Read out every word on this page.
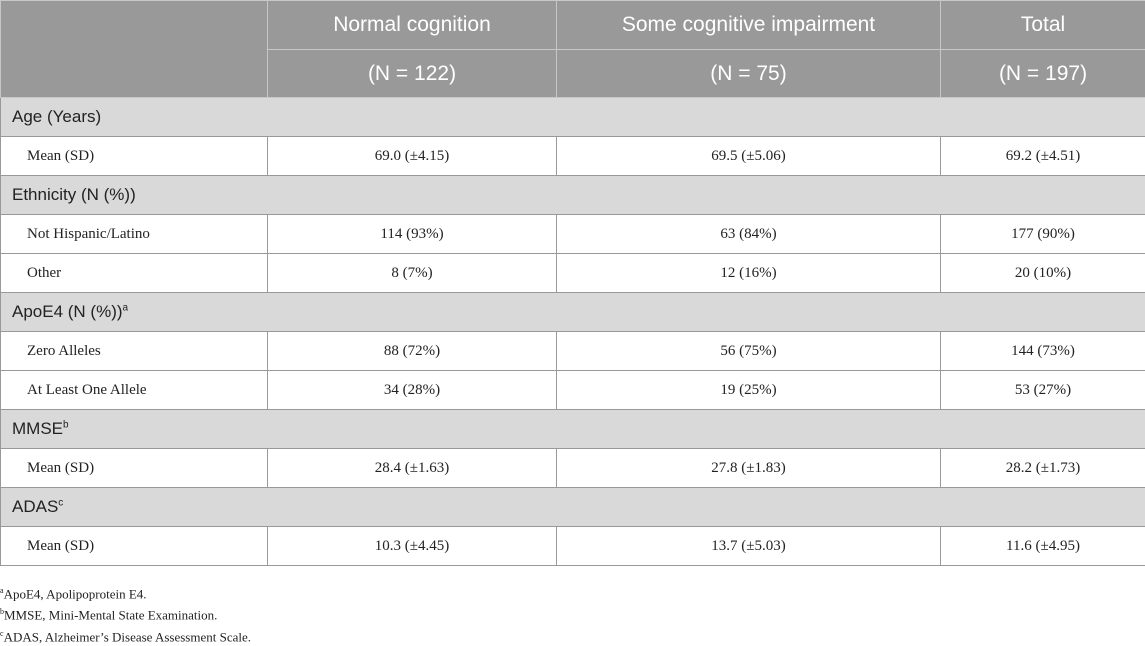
	Normal cognition	Some cognitive impairment	Total
	(N = 122)	(N = 75)	(N = 197)
Age (Years)			
Mean (SD)	69.0 (±4.15)	69.5 (±5.06)	69.2 (±4.51)
Ethnicity (N (%))			
Not Hispanic/Latino	114 (93%)	63 (84%)	177 (90%)
Other	8 (7%)	12 (16%)	20 (10%)
ApoE4 (N (%))$^a$
Zero Alleles	88 (72%)	56 (75%)	144 (73%)
At Least One Allele	34 (28%)	19 (25%)	53 (27%)
MMSE$^b$
Mean (SD)	28.4 (±1.63)	27.8 (±1.83)	28.2 (±1.73)
ADAS$^c$
Mean (SD)	10.3 (±4.45)	13.7 (±5.03)	11.6 (±4.95)
$^a$ApoE4, Apolipoprotein E4.
$^b$MMSE, Mini-Mental State Examination.
$^c$ADAS, Alzheimer’s Disease Assessment Scale.
